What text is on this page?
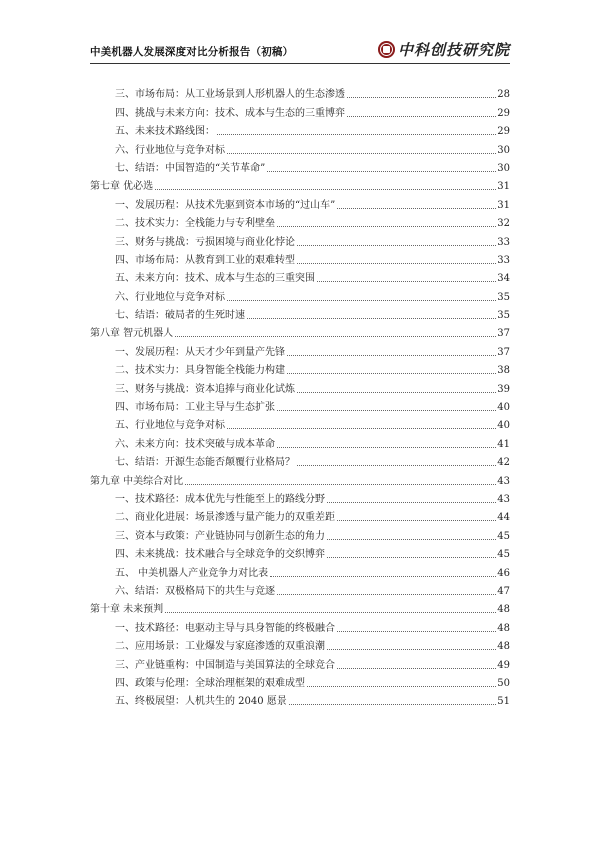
中美机器人发展深度对比分析报告（初稿）	中科创技研究院
三、市场布局：从工业场景到人形机器人的生态渗透	28
四、挑战与未来方向：技术、成本与生态的三重博弈	29
五、未来技术路线图：	29
六、行业地位与竞争对标	30
七、结语：中国智造的“关节革命”	30
第七章 优必选	31
一、发展历程：从技术先驱到资本市场的“过山车”	31
二、技术实力：全栈能力与专利壁垒	32
三、财务与挑战：亏损困境与商业化悖论	33
四、市场布局：从教育到工业的艰难转型	33
五、未来方向：技术、成本与生态的三重突围	34
六、行业地位与竞争对标	35
七、结语：破局者的生死时速	35
第八章 智元机器人	37
一、发展历程：从天才少年到量产先锋	37
二、技术实力：具身智能全栈能力构建	38
三、财务与挑战：资本追捧与商业化试炼	39
四、市场布局：工业主导与生态扩张	40
五、行业地位与竞争对标	40
六、未来方向：技术突破与成本革命	41
七、结语：开源生态能否颠覆行业格局？	42
第九章 中美综合对比	43
一、技术路径：成本优先与性能至上的路线分野	43
二、商业化进展：场景渗透与量产能力的双重差距	44
三、资本与政策：产业链协同与创新生态的角力	45
四、未来挑战：技术融合与全球竞争的交织博弈	45
五、 中美机器人产业竞争力对比表	46
六、结语：双极格局下的共生与竞逐	47
第十章 未来预判	48
一、技术路径：电驱动主导与具身智能的终极融合	48
二、应用场景：工业爆发与家庭渗透的双重浪潮	48
三、产业链重构：中国制造与美国算法的全球竞合	49
四、政策与伦理：全球治理框架的艰难成型	50
五、终极展望：人机共生的 2040 愿景	51
